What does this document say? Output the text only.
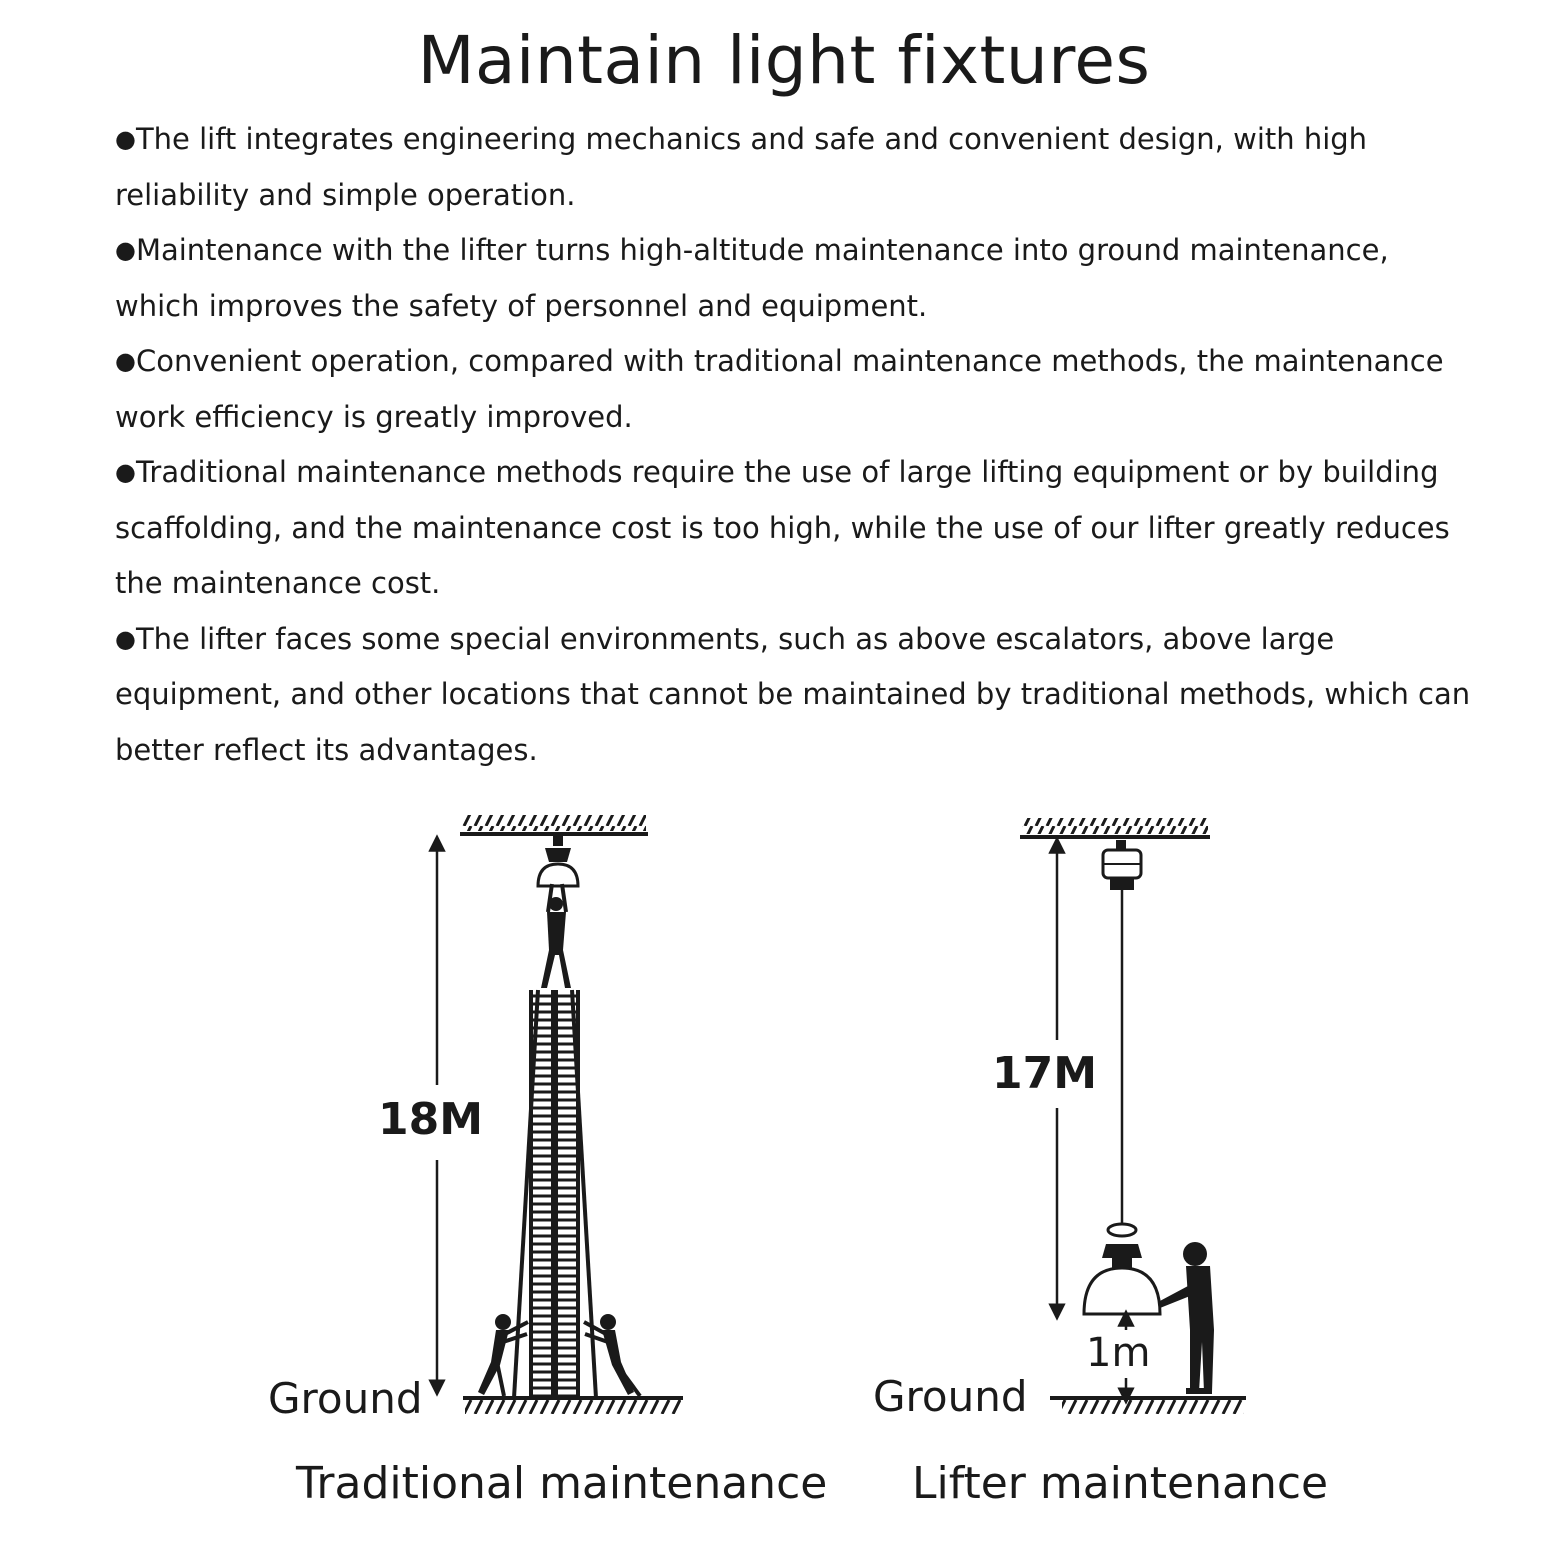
Maintain light fixtures
●The lift integrates engineering mechanics and safe and convenient design, with high reliability and simple operation.
●Maintenance with the lifter turns high-altitude maintenance into ground maintenance, which improves the safety of personnel and equipment.
●Convenient operation, compared with traditional maintenance methods, the maintenance work efficiency is greatly improved.
●Traditional maintenance methods require the use of large lifting equipment or by building scaffolding, and the maintenance cost is too high, while the use of our lifter greatly reduces the maintenance cost.
●The lifter faces some special environments, such as above escalators, above large equipment, and other locations that cannot be maintained by traditional methods, which can better reflect its advantages.
18M
Ground
Traditional maintenance
17M
1m
Ground
Lifter maintenance
